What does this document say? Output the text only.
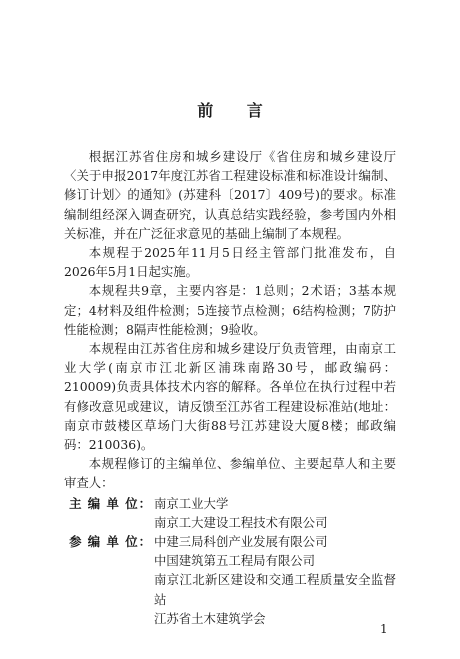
前 言

根据江苏省住房和城乡建设厅《省住房和城乡建设厅〈关于申报2017年度江苏省工程建设标准和标准设计编制、修订计划〉的通知》(苏建科〔2017〕409号)的要求。标准编制组经深入调查研究，认真总结实践经验，参考国内外相关标准，并在广泛征求意见的基础上编制了本规程。

本规程于2025年11月5日经主管部门批准发布，自2026年5月1日起实施。

本规程共9章，主要内容是：1总则；2术语；3基本规定；4材料及组件检测；5连接节点检测；6结构检测；7防护性能检测；8隔声性能检测；9验收。

本规程由江苏省住房和城乡建设厅负责管理，由南京工业大学(南京市江北新区浦珠南路30号，邮政编码：210009)负责具体技术内容的解释。各单位在执行过程中若有修改意见或建议，请反馈至江苏省工程建设标准站(地址：南京市鼓楼区草场门大街88号江苏建设大厦8楼；邮政编码：210036)。

本规程修订的主编单位、参编单位、主要起草人和主要审查人：

主 编 单 位： 南京工业大学
南京工大建设工程技术有限公司
参 编 单 位： 中建三局科创产业发展有限公司
中国建筑第五工程局有限公司
南京江北新区建设和交通工程质量安全监督站
江苏省土木建筑学会
1
